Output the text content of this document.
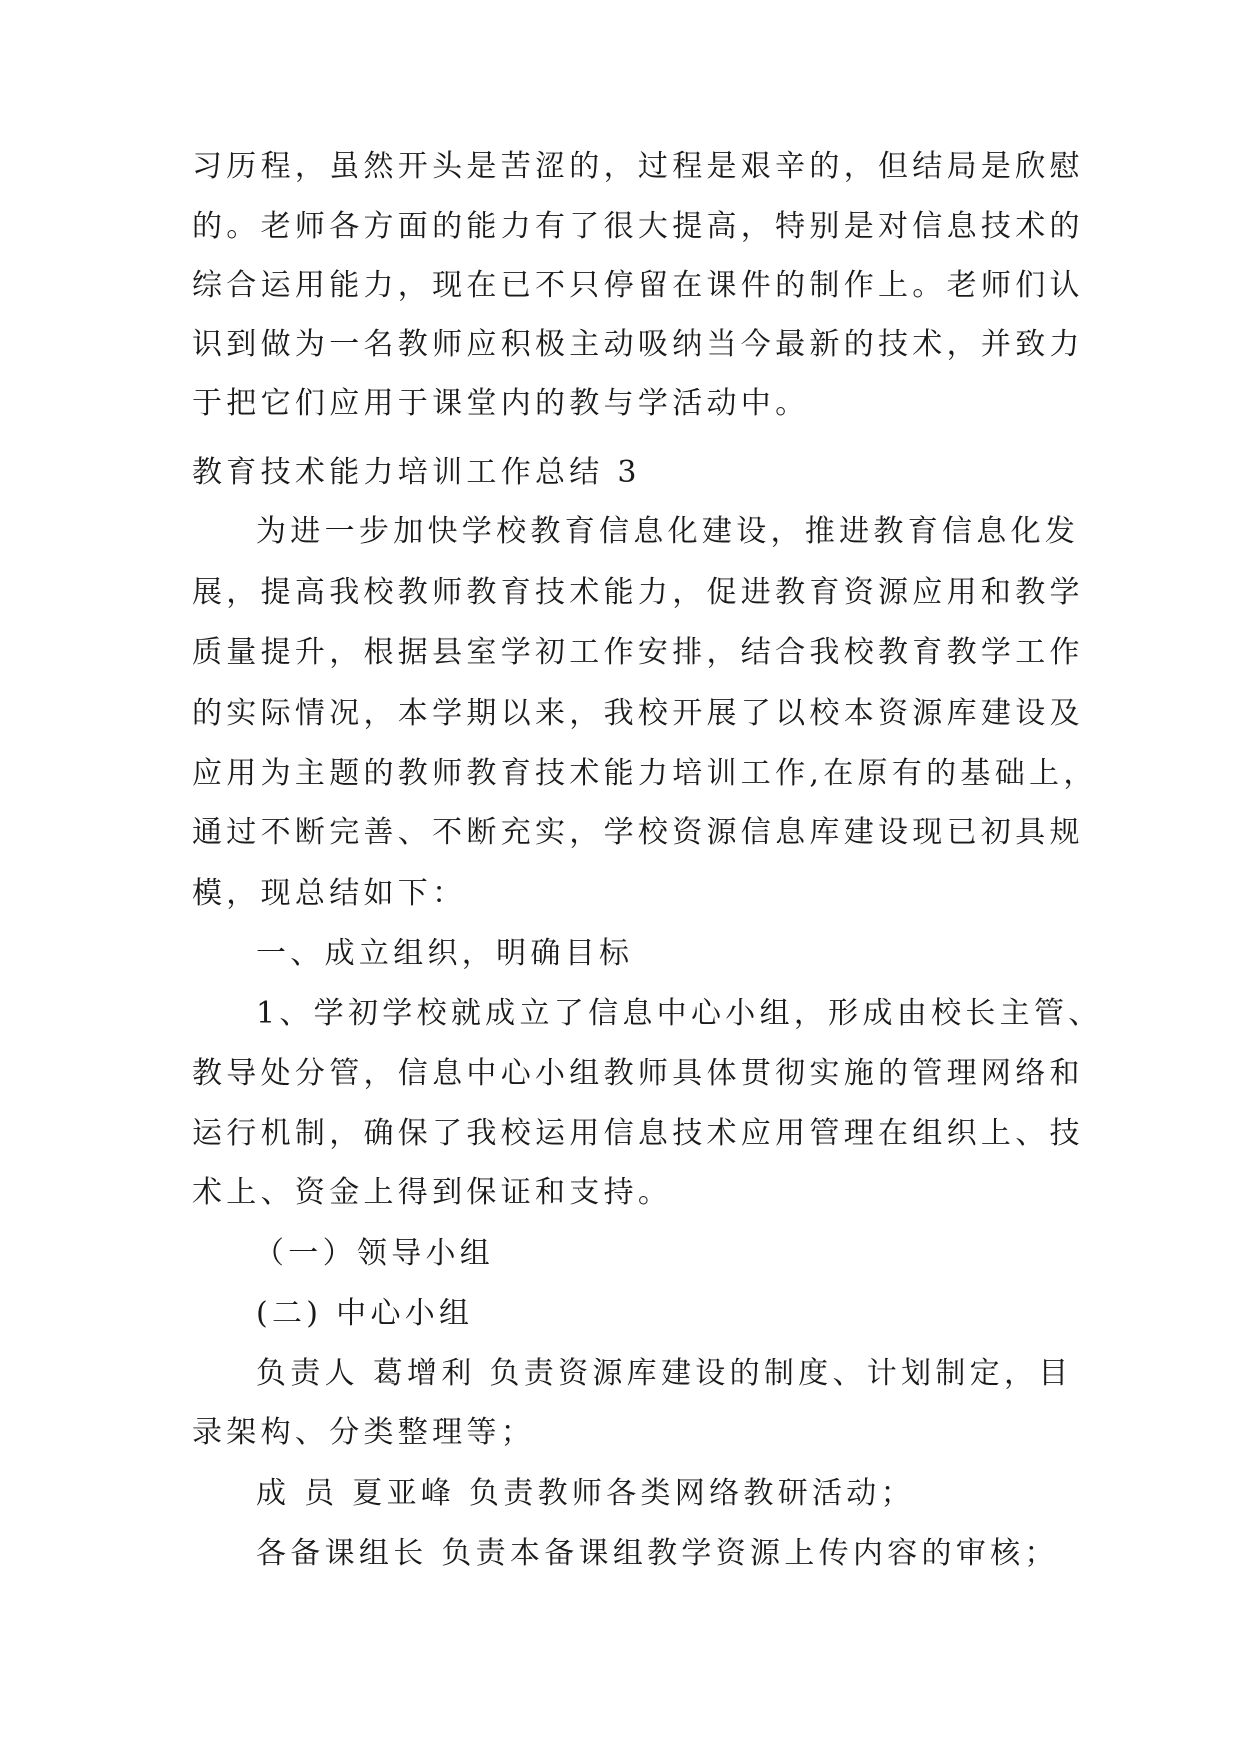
习历程，虽然开头是苦涩的，过程是艰辛的，但结局是欣慰
的。老师各方面的能力有了很大提高，特别是对信息技术的
综合运用能力，现在已不只停留在课件的制作上。老师们认
识到做为一名教师应积极主动吸纳当今最新的技术，并致力
于把它们应用于课堂内的教与学活动中。
教育技术能力培训工作总结 3
为进一步加快学校教育信息化建设，推进教育信息化发
展，提高我校教师教育技术能力，促进教育资源应用和教学
质量提升，根据县室学初工作安排，结合我校教育教学工作
的实际情况，本学期以来，我校开展了以校本资源库建设及
应用为主题的教师教育技术能力培训工作,在原有的基础上，
通过不断完善、不断充实，学校资源信息库建设现已初具规
模，现总结如下：
一、成立组织，明确目标
1、学初学校就成立了信息中心小组，形成由校长主管、
教导处分管，信息中心小组教师具体贯彻实施的管理网络和
运行机制，确保了我校运用信息技术应用管理在组织上、技
术上、资金上得到保证和支持。
（一）领导小组
(二) 中心小组
负责人 葛增利 负责资源库建设的制度、计划制定，目
录架构、分类整理等；
成 员 夏亚峰 负责教师各类网络教研活动；
各备课组长 负责本备课组教学资源上传内容的审核；
